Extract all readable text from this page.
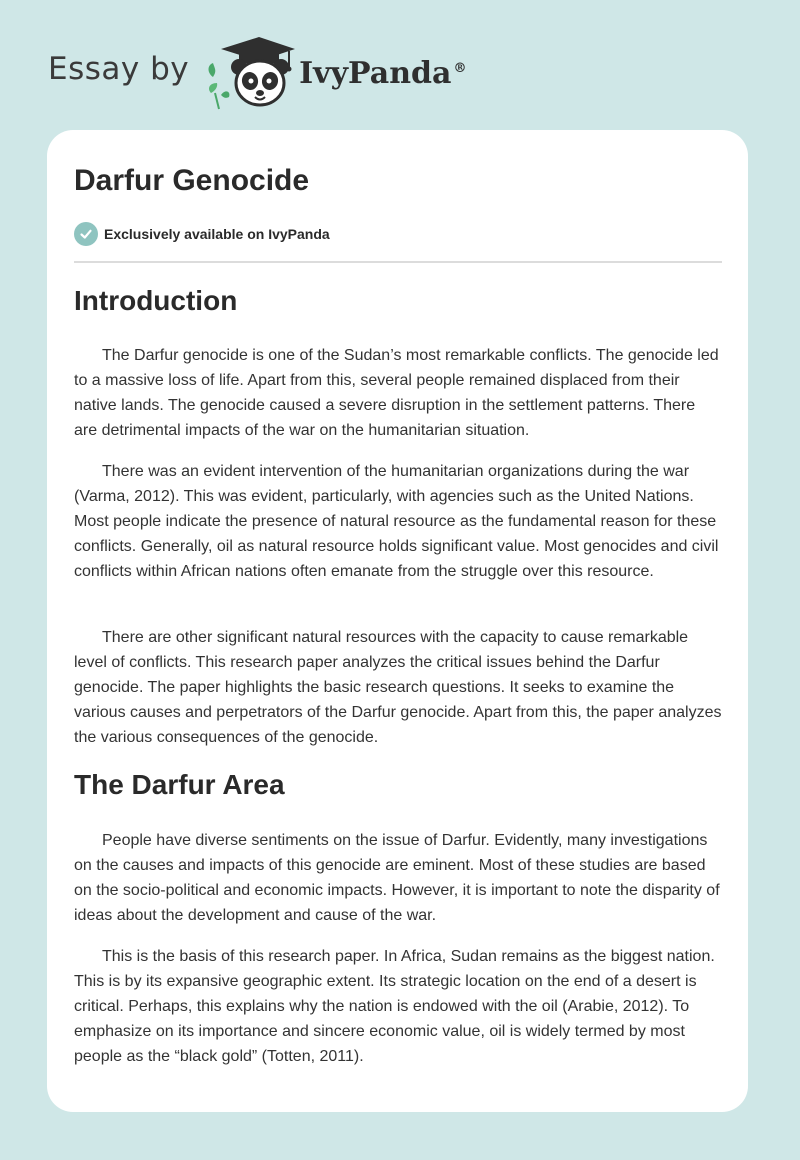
Essay by	IvyPanda ®
Darfur Genocide
Exclusively available on IvyPanda
Introduction

The Darfur genocide is one of the Sudan’s most remarkable conflicts. The genocide led to a massive loss of life. Apart from this, several people remained displaced from their native lands. The genocide caused a severe disruption in the settlement patterns. There are detrimental impacts of the war on the humanitarian situation.

There was an evident intervention of the humanitarian organizations during the war (Varma, 2012). This was evident, particularly, with agencies such as the United Nations. Most people indicate the presence of natural resource as the fundamental reason for these conflicts. Generally, oil as natural resource holds significant value. Most genocides and civil conflicts within African nations often emanate from the struggle over this resource.

There are other significant natural resources with the capacity to cause remarkable level of conflicts. This research paper analyzes the critical issues behind the Darfur genocide. The paper highlights the basic research questions. It seeks to examine the various causes and perpetrators of the Darfur genocide. Apart from this, the paper analyzes the various consequences of the genocide.

The Darfur Area

People have diverse sentiments on the issue of Darfur. Evidently, many investigations on the causes and impacts of this genocide are eminent. Most of these studies are based on the socio-political and economic impacts. However, it is important to note the disparity of ideas about the development and cause of the war.

This is the basis of this research paper. In Africa, Sudan remains as the biggest nation. This is by its expansive geographic extent. Its strategic location on the end of a desert is critical. Perhaps, this explains why the nation is endowed with the oil (Arabie, 2012). To emphasize on its importance and sincere economic value, oil is widely termed by most people as the “black gold” (Totten, 2011).
